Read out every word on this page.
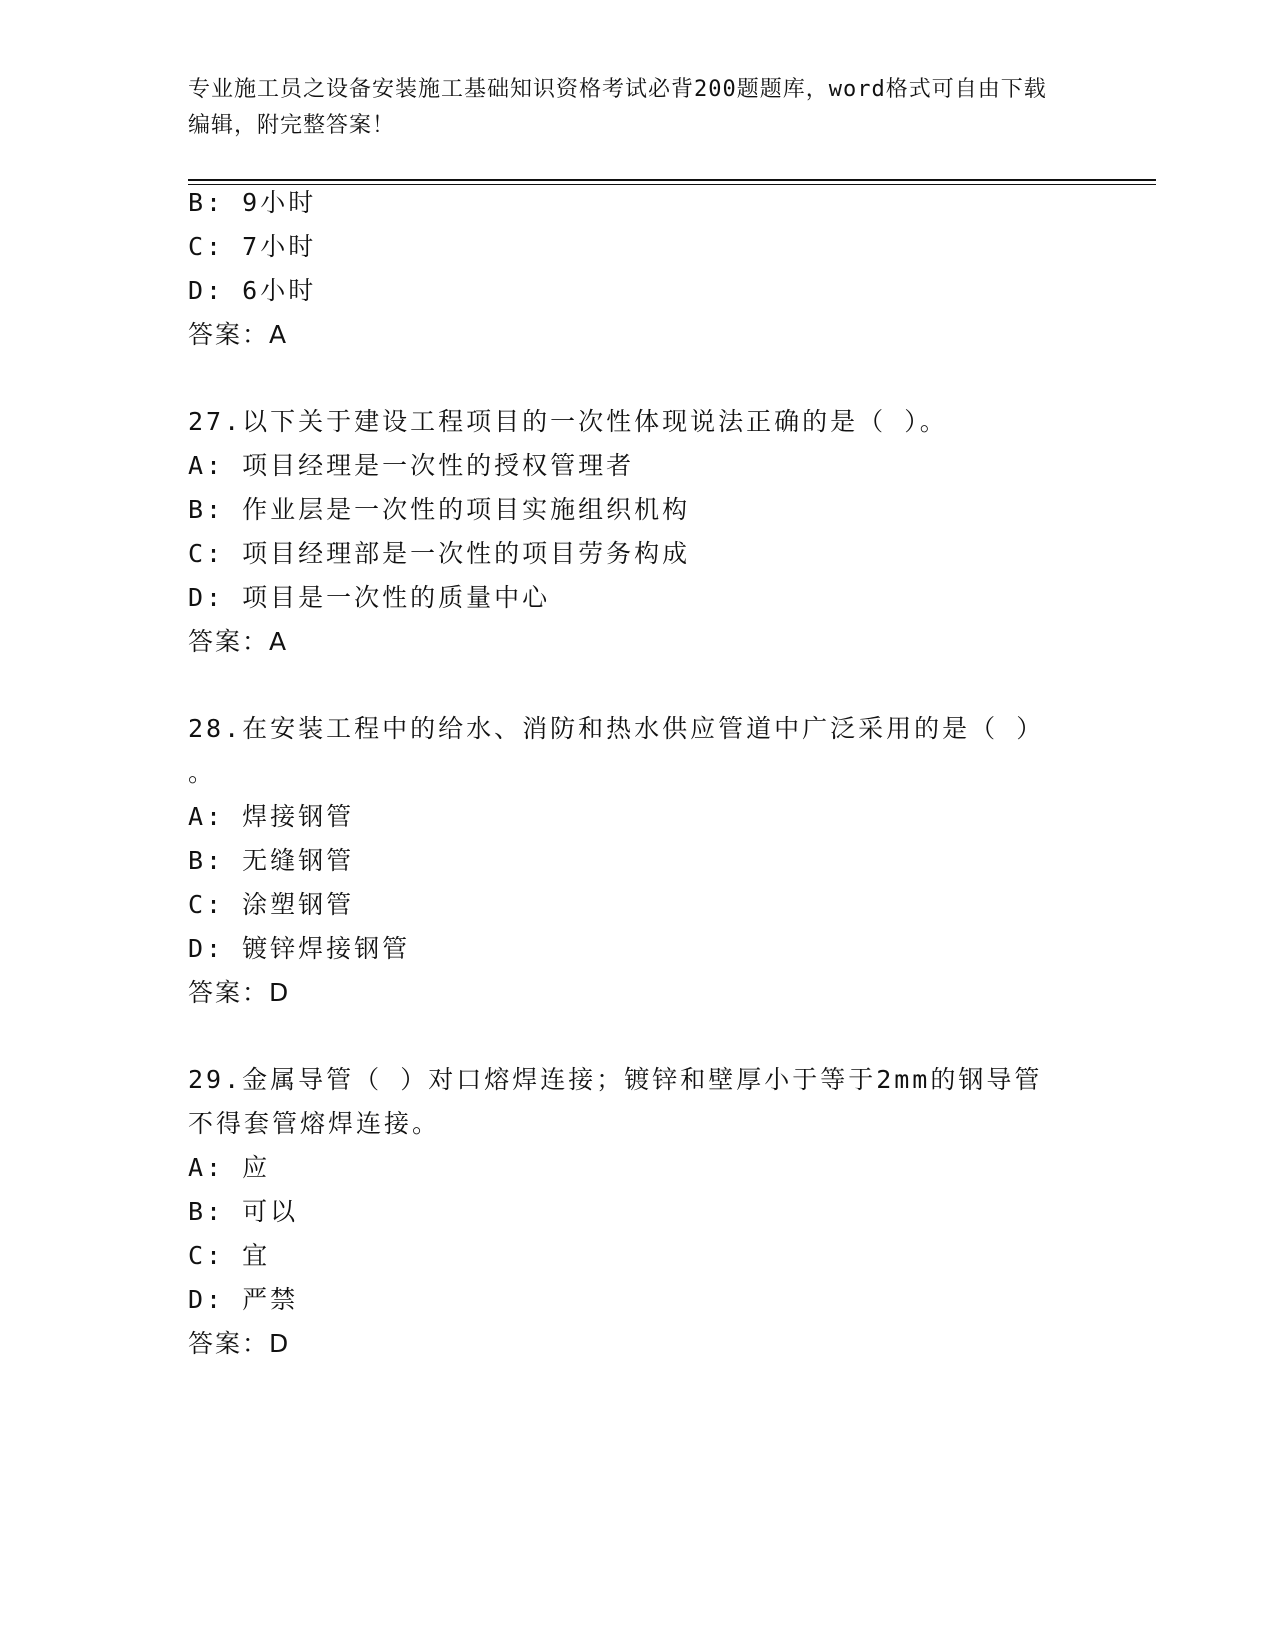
专业施工员之设备安装施工基础知识资格考试必背200题题库，word格式可自由下载编辑，附完整答案！
B: 9小时
C: 7小时
D: 6小时
答案：A
27.以下关于建设工程项目的一次性体现说法正确的是（ ）。
A: 项目经理是一次性的授权管理者
B: 作业层是一次性的项目实施组织机构
C: 项目经理部是一次性的项目劳务构成
D: 项目是一次性的质量中心
答案：A
28.在安装工程中的给水、消防和热水供应管道中广泛采用的是（ ）
。
A: 焊接钢管
B: 无缝钢管
C: 涂塑钢管
D: 镀锌焊接钢管
答案：D
29.金属导管（ ）对口熔焊连接；镀锌和壁厚小于等于2mm的钢导管
不得套管熔焊连接。
A: 应
B: 可以
C: 宜
D: 严禁
答案：D
